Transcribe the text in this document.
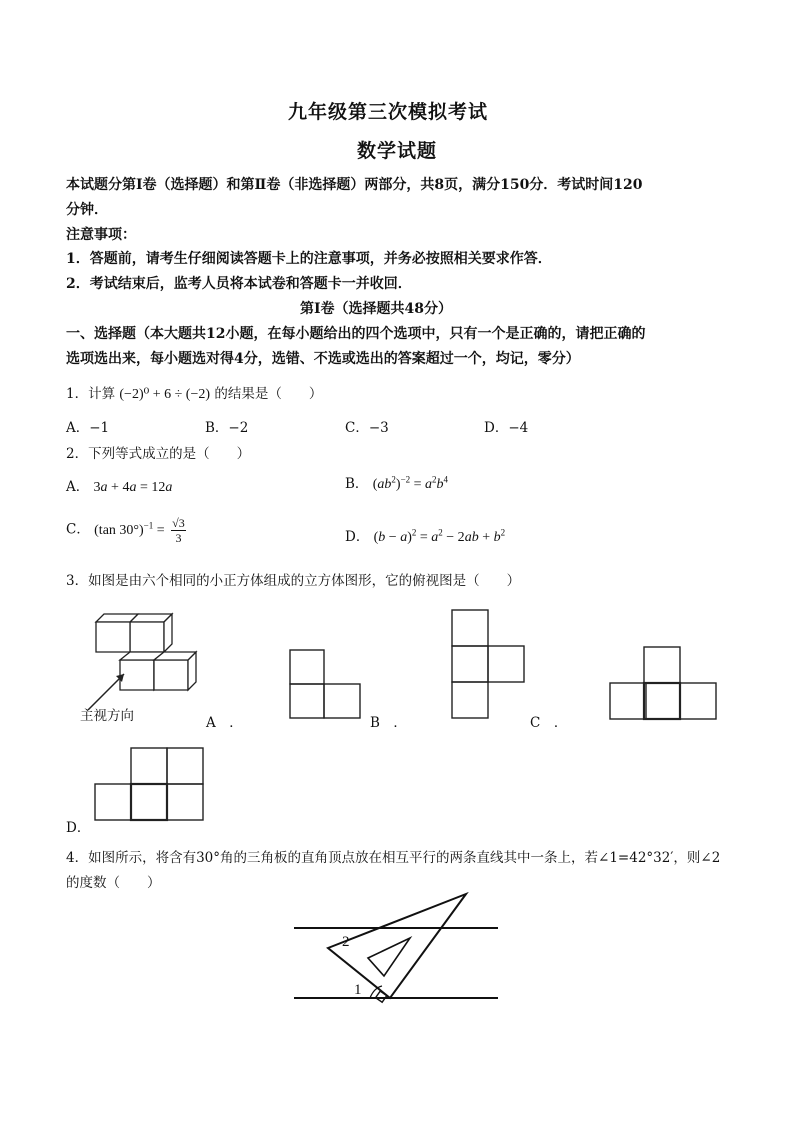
九年级第三次模拟考试
数学试题
本试题分第Ⅰ卷（选择题）和第Ⅱ卷（非选择题）两部分，共8页，满分150分．考试时间120
分钟．
注意事项：
1．答题前，请考生仔细阅读答题卡上的注意事项，并务必按照相关要求作答．
2．考试结束后，监考人员将本试卷和答题卡一并收回．
第Ⅰ卷（选择题共48分）
一、选择题（本大题共12小题，在每小题给出的四个选项中，只有一个是正确的，请把正确的
选项选出来，每小题选对得4分，选错、不选或选出的答案超过一个，均记，零分）
1．计算 (−2)⁰ + 6 ÷ (−2) 的结果是（　　）
A．−1	B．−2	C．−3	D．−4
2．下列等式成立的是（　　）
A． 3a + 4a = 12a	B． $(ab^2)^{-2} = a^2b^4$
C． (tan $30^\circ)^{-1} = \frac{√3}{3}$	D． $(b - a)^2 = a^2 - 2ab + b^2$
3．如图是由六个相同的小正方体组成的立方体图形，它的俯视图是（　　）
主视方向	A　．	B　．	C　．
D．
4．如图所示，将含有30°角的三角板的直角顶点放在相互平行的两条直线其中一条上，若∠1=42°32′，则∠2
的度数（　　）
2
1
